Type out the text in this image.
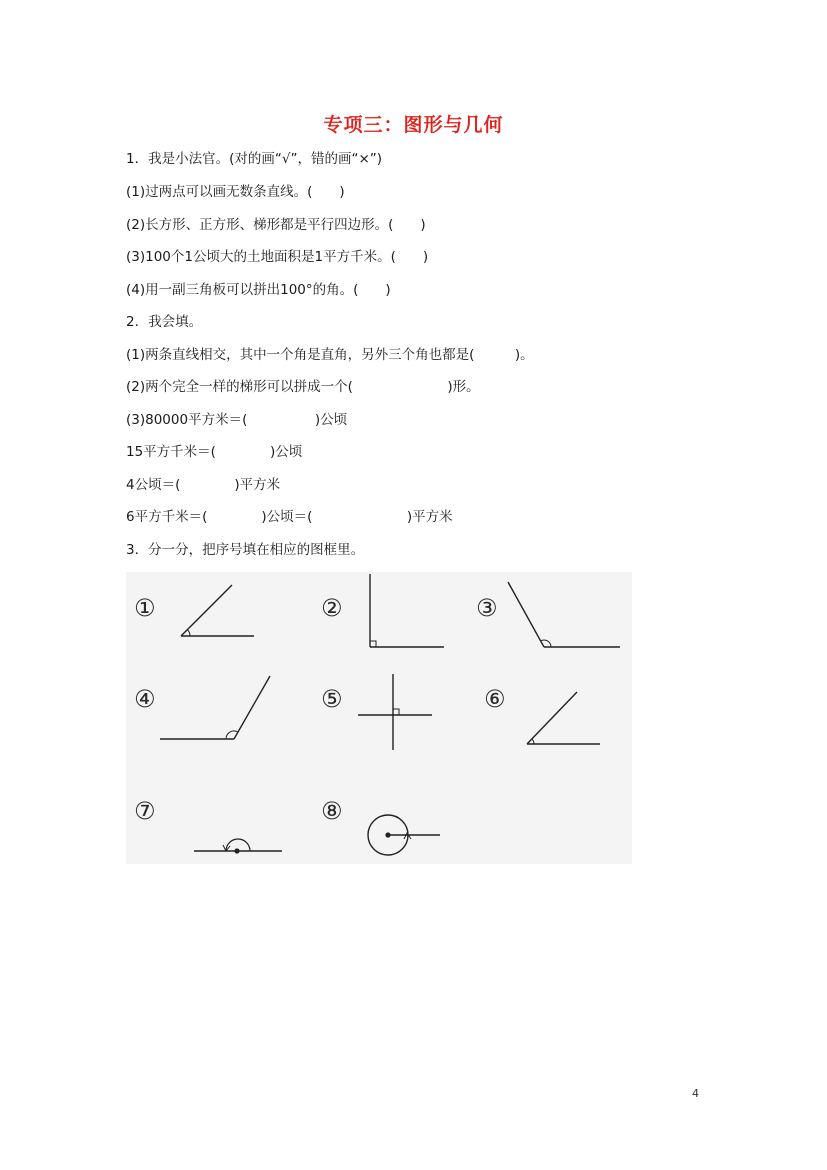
专项三：图形与几何
1．我是小法官。(对的画“√”，错的画“×”)
(1)过两点可以画无数条直线。(　　)
(2)长方形、正方形、梯形都是平行四边形。(　　)
(3)100个1公顷大的土地面积是1平方千米。(　　)
(4)用一副三角板可以拼出100°的角。(　　)
2．我会填。
(1)两条直线相交，其中一个角是直角，另外三个角也都是(　　　)。
(2)两个完全一样的梯形可以拼成一个(　　　　　　　)形。
(3)80000平方米＝(　　　　　)公顷
15平方千米＝(　　　　)公顷
4公顷＝(　　　　)平方米
6平方千米＝(　　　　)公顷＝(　　　　　　　)平方米
3．分一分，把序号填在相应的图框里。
①	②	③
④	⑤	⑥
⑦	⑧
4
